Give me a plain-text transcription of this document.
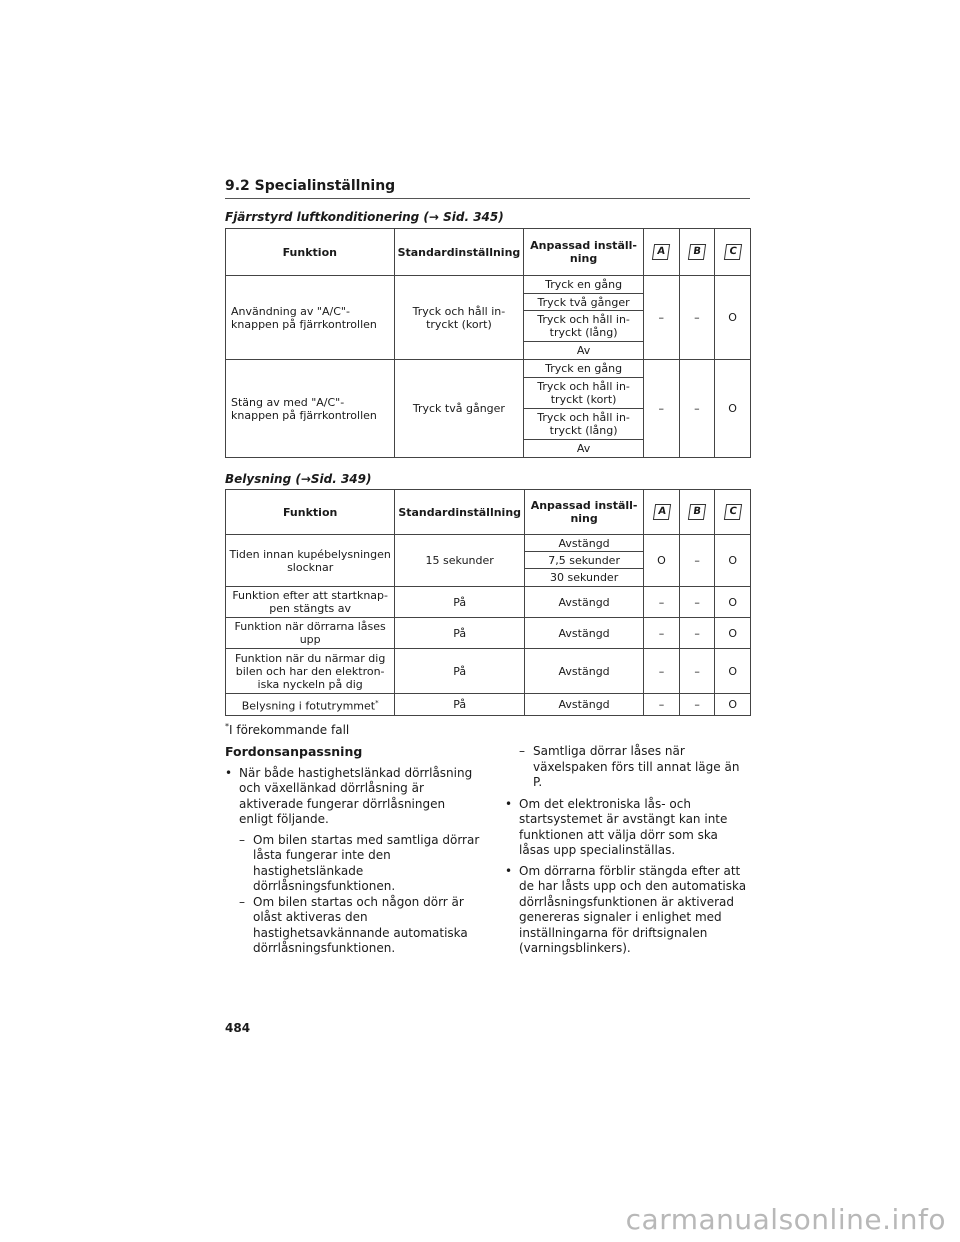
9.2 Specialinställning
Fjärrstyrd luftkonditionering (→ Sid. 345)
Funktion	Standardinställning	Anpassad inställ- ning	A	B	C
Användning av "A/C"-knappen på fjärrkontrollen	Tryck och håll in- tryckt (kort)	Tryck en gång	–	–	O
		Tryck två gånger			
		Tryck och håll in- tryckt (lång)			
		Av			
Stäng av med "A/C"-knappen på fjärrkontrollen	Tryck två gånger	Tryck en gång	–	–	O
		Tryck och håll in- tryckt (kort)			
		Tryck och håll in- tryckt (lång)			
		Av			
Belysning (→Sid. 349)
Funktion	Standardinställning	Anpassad inställ- ning	A	B	C
Tiden innan kupébelysningen slocknar	15 sekunder	Avstängd	O	–	O
		7,5 sekunder			
		30 sekunder			
Funktion efter att startknap- pen stängts av	På	Avstängd	–	–	O
Funktion när dörrarna låses upp	På	Avstängd	–	–	O
Funktion när du närmar dig bilen och har den elektron- iska nyckeln på dig	På	Avstängd	–	–	O
Belysning i fotutrymmet*	På	Avstängd	–	–	O
*I förekommande fall
Fordonsanpassning
• När både hastighetslänkad dörrlåsning och växellänkad dörrlåsning är aktiverade fungerar dörrlåsningen enligt följande.
– Om bilen startas med samtliga dörrar låsta fungerar inte den hastighetslänkade dörrlåsningsfunktionen.
– Om bilen startas och någon dörr är olåst aktiveras den hastighetsavkännande automatiska dörrlåsningsfunktionen.
– Samtliga dörrar låses när växelspaken förs till annat läge än P.
• Om det elektroniska lås- och startsystemet är avstängt kan inte funktionen att välja dörr som ska låsas upp specialinställas.
• Om dörrarna förblir stängda efter att de har låsts upp och den automatiska dörrlåsningsfunktionen är aktiverad genereras signaler i enlighet med inställningarna för driftsignalen (varningsblinkers).
484
carmanualsonline.info
